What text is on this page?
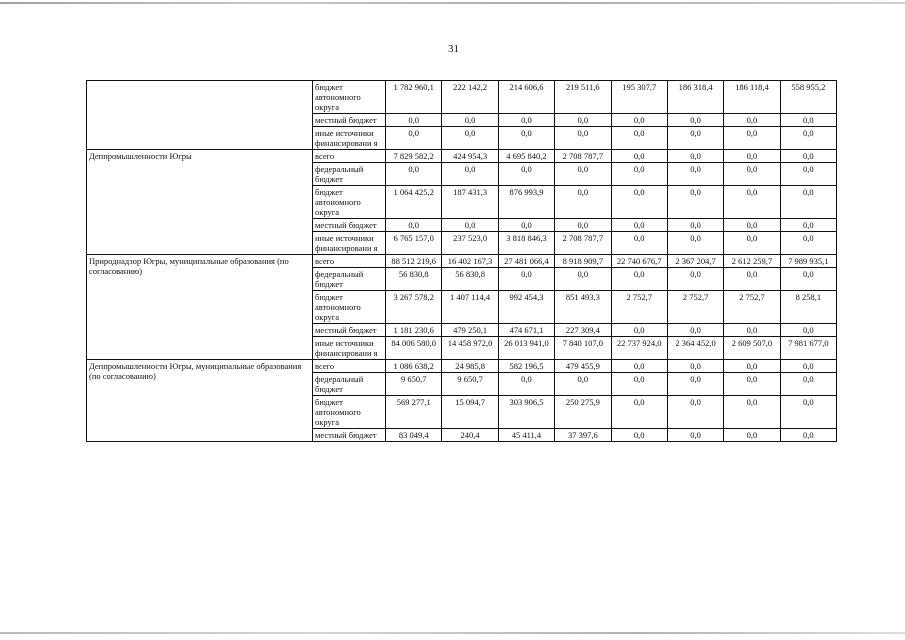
31
	бюджет автономного округа	1 782 960,1	222 142,2	214 606,6	219 511,6	195 307,7	186 318,4	186 118,4	558 955,2
	местный бюджет	0,0	0,0	0,0	0,0	0,0	0,0	0,0	0,0
	иные источники финансировани я	0,0	0,0	0,0	0,0	0,0	0,0	0,0	0,0
Деппромышленности Югры	всего	7 829 582,2	424 954,3	4 695 840,2	2 708 787,7	0,0	0,0	0,0	0,0
	федеральный бюджет	0,0	0,0	0,0	0,0	0,0	0,0	0,0	0,0
	бюджет автономного округа	1 064 425,2	187 431,3	876 993,9	0,0	0,0	0,0	0,0	0,0
	местный бюджет	0,0	0,0	0,0	0,0	0,0	0,0	0,0	0,0
	иные источники финансировани я	6 765 157,0	237 523,0	3 818 846,3	2 708 787,7	0,0	0,0	0,0	0,0
Природнадзор Югры, муниципальные образования (по согласованию)	всего	88 512 219,6	16 402 167,3	27 481 066,4	8 918 909,7	22 740 676,7	2 367 204,7	2 612 259,7	7 989 935,1
	федеральный бюджет	56 830,8	56 830,8	0,0	0,0	0,0	0,0	0,0	0,0
	бюджет автономного округа	3 267 578,2	1 407 114,4	992 454,3	851 493,3	2 752,7	2 752,7	2 752,7	8 258,1
	местный бюджет	1 181 230,6	479 250,1	474 671,1	227 309,4	0,0	0,0	0,0	0,0
	иные источники финансировани я	84 006 580,0	14 458 972,0	26 013 941,0	7 840 107,0	22 737 924,0	2 364 452,0	2 609 507,0	7 981 677,0
Деппромышленности Югры, муниципальные образования (по согласованию)	всего	1 086 638,2	24 985,8	582 196,5	479 455,9	0,0	0,0	0,0	0,0
	федеральный бюджет	9 650,7	9 650,7	0,0	0,0	0,0	0,0	0,0	0,0
	бюджет автономного округа	569 277,1	15 094,7	303 906,5	250 275,9	0,0	0,0	0,0	0,0
	местный бюджет	83 049,4	240,4	45 411,4	37 397,6	0,0	0,0	0,0	0,0
